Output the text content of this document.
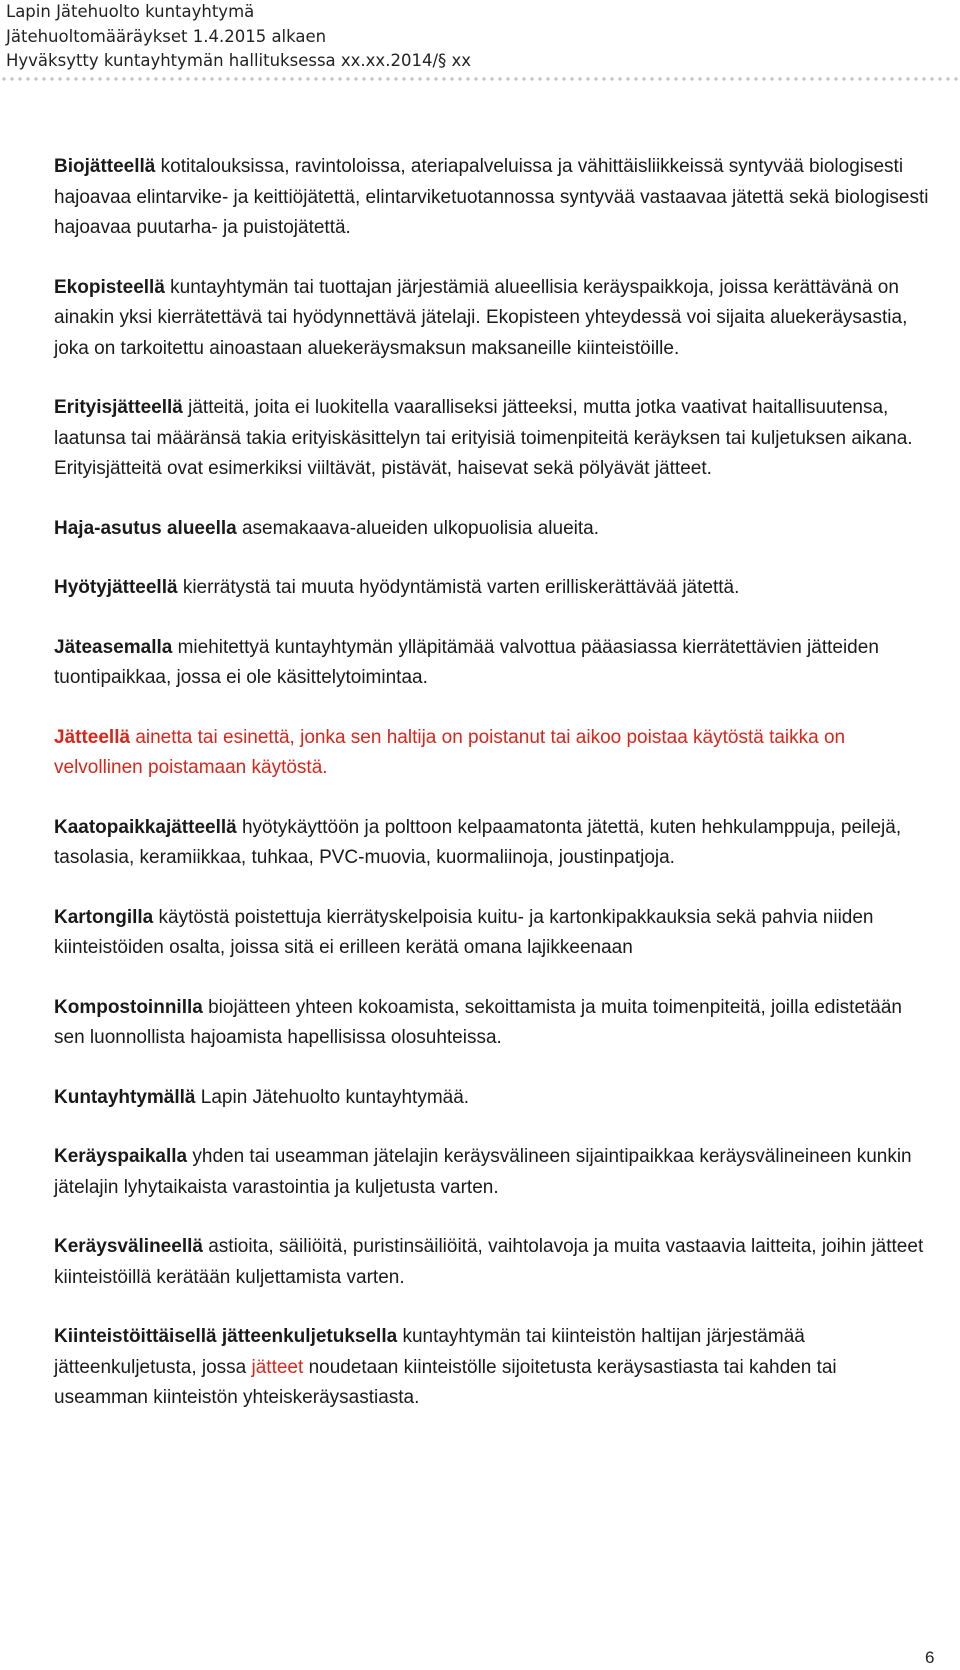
Lapin Jätehuolto kuntayhtymä
Jätehuoltomääräykset 1.4.2015 alkaen
Hyväksytty kuntayhtymän hallituksessa xx.xx.2014/§ xx

Biojätteellä kotitalouksissa, ravintoloissa, ateriapalveluissa ja vähittäisliikkeissä syntyvää biologisesti hajoavaa elintarvike- ja keittiöjätettä, elintarviketuotannossa syntyvää vastaavaa jätettä sekä biologisesti hajoavaa puutarha- ja puistojätettä.

Ekopisteellä kuntayhtymän tai tuottajan järjestämiä alueellisia keräyspaikkoja, joissa kerättävänä on ainakin yksi kierrätettävä tai hyödynnettävä jätelaji. Ekopisteen yhteydessä voi sijaita aluekeräysastia, joka on tarkoitettu ainoastaan aluekeräysmaksun maksaneille kiinteistöille.

Erityisjätteellä jätteitä, joita ei luokitella vaaralliseksi jätteeksi, mutta jotka vaativat haitallisuutensa, laatunsa tai määränsä takia erityiskäsittelyn tai erityisiä toimenpiteitä keräyksen tai kuljetuksen aikana. Erityisjätteitä ovat esimerkiksi viiltävät, pistävät, haisevat sekä pölyävät jätteet.

Haja-asutus alueella asemakaava-alueiden ulkopuolisia alueita.

Hyötyjätteellä kierrätystä tai muuta hyödyntämistä varten erilliskerättävää jätettä.

Jäteasemalla miehitettyä kuntayhtymän ylläpitämää valvottua pääasiassa kierrätettävien jätteiden tuontipaikkaa, jossa ei ole käsittelytoimintaa.

Jätteellä ainetta tai esinettä, jonka sen haltija on poistanut tai aikoo poistaa käytöstä taikka on velvollinen poistamaan käytöstä.

Kaatopaikkajätteellä hyötykäyttöön ja polttoon kelpaamatonta jätettä, kuten hehkulamppuja, peilejä, tasolasia, keramiikkaa, tuhkaa, PVC-muovia, kuormaliinoja, joustinpatjoja.

Kartongilla käytöstä poistettuja kierrätyskelpoisia kuitu- ja kartonkipakkauksia sekä pahvia niiden kiinteistöiden osalta, joissa sitä ei erilleen kerätä omana lajikkeenaan

Kompostoinnilla biojätteen yhteen kokoamista, sekoittamista ja muita toimenpiteitä, joilla edistetään sen luonnollista hajoamista hapellisissa olosuhteissa.

Kuntayhtymällä Lapin Jätehuolto kuntayhtymää.

Keräyspaikalla yhden tai useamman jätelajin keräysvälineen sijaintipaikkaa keräysvälineineen kunkin jätelajin lyhytaikaista varastointia ja kuljetusta varten.

Keräysvälineellä astioita, säiliöitä, puristinsäiliöitä, vaihtolavoja ja muita vastaavia laitteita, joihin jätteet kiinteistöillä kerätään kuljettamista varten.

Kiinteistöittäisellä jätteenkuljetuksella kuntayhtymän tai kiinteistön haltijan järjestämää jätteenkuljetusta, jossa jätteet noudetaan kiinteistölle sijoitetusta keräysastiasta tai kahden tai useamman kiinteistön yhteiskeräysastiasta.

6
